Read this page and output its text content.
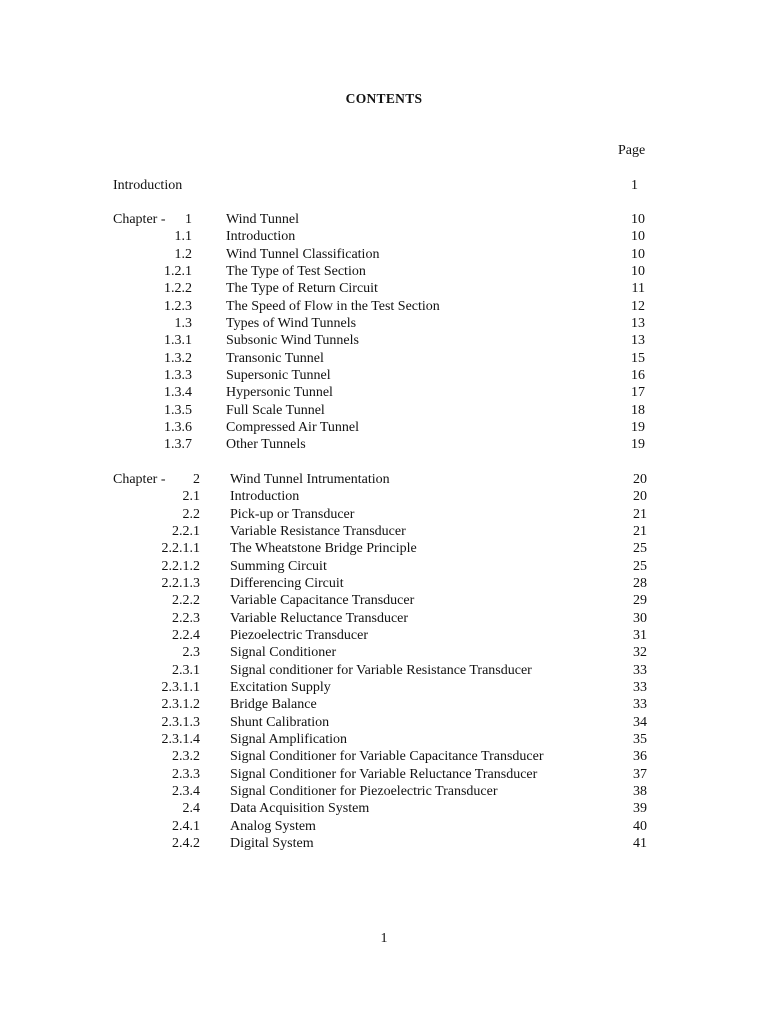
CONTENTS
Page
Introduction	1
Chapter - 1 Wind Tunnel	10
1.1 Introduction	10
1.2 Wind Tunnel Classification	10
1.2.1 The Type of Test Section	10
1.2.2 The Type of Return Circuit	11
1.2.3 The Speed of Flow in the Test Section	12
1.3 Types of Wind Tunnels	13
1.3.1 Subsonic Wind Tunnels	13
1.3.2 Transonic Tunnel	15
1.3.3 Supersonic Tunnel	16
1.3.4 Hypersonic Tunnel	17
1.3.5 Full Scale Tunnel	18
1.3.6 Compressed Air Tunnel	19
1.3.7 Other Tunnels	19
Chapter - 2 Wind Tunnel Intrumentation	20
2.1 Introduction	20
2.2 Pick-up or Transducer	21
2.2.1 Variable Resistance Transducer	21
2.2.1.1 The Wheatstone Bridge Principle	25
2.2.1.2 Summing Circuit	25
2.2.1.3 Differencing Circuit	28
2.2.2 Variable Capacitance Transducer	29
2.2.3 Variable Reluctance Transducer	30
2.2.4 Piezoelectric Transducer	31
2.3 Signal Conditioner	32
2.3.1 Signal conditioner for Variable Resistance Transducer	33
2.3.1.1 Excitation Supply	33
2.3.1.2 Bridge Balance	33
2.3.1.3 Shunt Calibration	34
2.3.1.4 Signal Amplification	35
2.3.2 Signal Conditioner for Variable Capacitance Transducer	36
2.3.3 Signal Conditioner for Variable Reluctance Transducer	37
2.3.4 Signal Conditioner for Piezoelectric Transducer	38
2.4 Data Acquisition System	39
2.4.1 Analog System	40
2.4.2 Digital System	41
1
